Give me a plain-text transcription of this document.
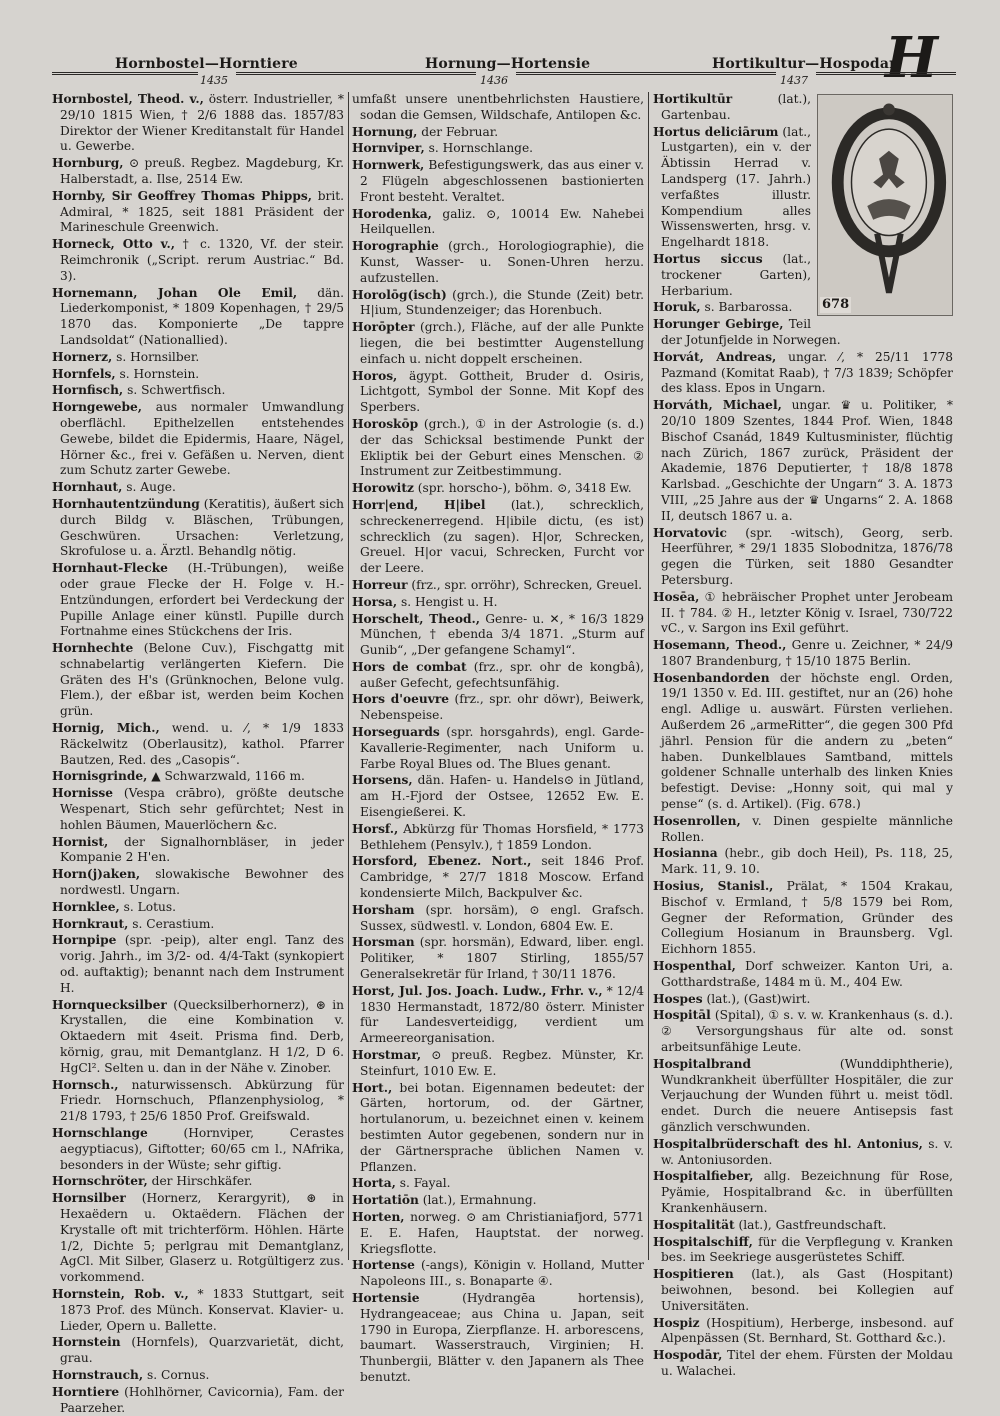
Hornbostel—Horntiere	Hornung—Hortensie	Hortikultur—Hospodar
H
1435	1436	1437
Hornbostel, Theod. v., österr. Industrieller, * 29/10 1815 Wien, † 2/6 1888 das. 1857/83 Direktor der Wiener Kreditanstalt für Handel u. Gewerbe.
Hornburg, ⊙ preuß. Regbez. Magdeburg, Kr. Halberstadt, a. Ilse, 2514 Ew.
Hornby, Sir Geoffrey Thomas Phipps, brit. Admiral, * 1825, seit 1881 Präsident der Marineschule Greenwich.
Horneck, Otto v., † c. 1320, Vf. der steir. Reimchronik („Script. rerum Austriac.“ Bd. 3).
Hornemann, Johan Ole Emil, dän. Liederkomponist, * 1809 Kopenhagen, † 29/5 1870 das. Komponierte „De tappre Landsoldat“ (Nationallied).
Hornerz, s. Hornsilber.
Hornfels, s. Hornstein.
Hornfisch, s. Schwertfisch.
Horngewebe, aus normaler Umwandlung oberflächl. Epithelzellen entstehendes Gewebe, bildet die Epidermis, Haare, Nägel, Hörner &c., frei v. Gefäßen u. Nerven, dient zum Schutz zarter Gewebe.
Hornhaut, s. Auge.
Hornhautentzündung (Keratitis), äußert sich durch Bildg v. Bläschen, Trübungen, Geschwüren. Ursachen: Verletzung, Skrofulose u. a. Ärztl. Behandlg nötig.
Hornhaut-Flecke (H.-Trübungen), weiße oder graue Flecke der H. Folge v. H.-Entzündungen, erfordert bei Verdeckung der Pupille Anlage einer künstl. Pupille durch Fortnahme eines Stückchens der Iris.
Hornhechte (Belone Cuv.), Fischgattg mit schnabelartig verlängerten Kiefern. Die Gräten des H's (Grünknochen, Belone vulg. Flem.), der eßbar ist, werden beim Kochen grün.
Hornig, Mich., wend. u. ⁄, * 1/9 1833 Räckelwitz (Oberlausitz), kathol. Pfarrer Bautzen, Red. des „Casopis“.
Hornisgrinde, ▲ Schwarzwald, 1166 m.
Hornisse (Vespa crābro), größte deutsche Wespenart, Stich sehr gefürchtet; Nest in hohlen Bäumen, Mauerlöchern &c.
Hornist, der Signalhornbläser, in jeder Kompanie 2 H'en.
Horn(j)aken, slowakische Bewohner des nordwestl. Ungarn.
Hornklee, s. Lotus.
Hornkraut, s. Cerastium.
Hornpipe (spr. -peip), alter engl. Tanz des vorig. Jahrh., im 3/2- od. 4/4-Takt (synkopiert od. auftaktig); benannt nach dem Instrument H.
Hornquecksilber (Quecksilberhornerz), ⊛ in Krystallen, die eine Kombination v. Oktaedern mit 4seit. Prisma find. Derb, körnig, grau, mit Demantglanz. H 1/2, D 6. HgCl². Selten u. dan in der Nähe v. Zinober.
Hornsch., naturwissensch. Abkürzung für Friedr. Hornschuch, Pflanzenphysiolog, * 21/8 1793, † 25/6 1850 Prof. Greifswald.
Hornschlange	(Hornviper, Cerastes aegyptiacus), Giftotter; 60/65 cm l., NAfrika, besonders in der Wüste; sehr giftig.
Hornschröter, der Hirschkäfer.
Hornsilber (Hornerz, Kerargyrit), ⊛ in Hexaëdern u. Oktaëdern. Flächen der Krystalle oft mit trichterförm. Höhlen. Härte 1/2, Dichte 5; perlgrau mit Demantglanz, AgCl. Mit Silber, Glaserz u. Rotgültigerz zus. vorkommend.
Hornstein, Rob. v., * 1833 Stuttgart, seit 1873 Prof. des Münch. Konservat. Klavier- u. Lieder, Opern u. Ballette.
Hornstein (Hornfels), Quarzvarietät, dicht, grau.
Hornstrauch, s. Cornus.
Horntiere (Hohlhörner, Cavicornia), Fam. der Paarzeher.
umfaßt unsere unentbehrlichsten Haustiere, sodan die Gemsen, Wildschafe, Antilopen &c.
Hornung, der Februar.
Hornviper, s. Hornschlange.
Hornwerk, Befestigungswerk, das aus einer v. 2 Flügeln abgeschlossenen bastionierten Front besteht. Veraltet.
Horodenka, galiz. ⊙, 10014 Ew. Nahebei Heilquellen.
Horographie (grch., Horologiographie), die Kunst, Wasser- u. Sonen-Uhren herzu. aufzustellen.
Horolōg(isch) (grch.), die Stunde (Zeit) betr. H|ium, Stundenzeiger; das Horenbuch.
Horōpter (grch.), Fläche, auf der alle Punkte liegen, die bei bestimtter Augenstellung einfach u. nicht doppelt erscheinen.
Horos, ägypt. Gottheit, Bruder d. Osiris, Lichtgott, Symbol der Sonne. Mit Kopf des Sperbers.
Horoskōp (grch.), ① in der Astrologie (s. d.) der das Schicksal bestimende Punkt der Ekliptik bei der Geburt eines Menschen. ② Instrument zur Zeitbestimmung.
Horowitz (spr. horscho-), böhm. ⊙, 3418 Ew.
Horr|end, H|ibel (lat.), schrecklich, schreckenerregend. H|ibile dictu, (es ist) schrecklich (zu sagen). H|or, Schrecken, Greuel. H|or vacui, Schrecken, Furcht vor der Leere.
Horreur (frz., spr. orröhr), Schrecken, Greuel.
Horsa, s. Hengist u. H.
Horschelt, Theod., Genre- u. ✕, * 16/3 1829 München, † ebenda 3/4 1871. „Sturm auf Gunib“, „Der gefangene Schamyl“.
Hors de combat (frz., spr. ohr de kongbâ), außer Gefecht, gefechtsunfähig.
Hors d'oeuvre (frz., spr. ohr döwr), Beiwerk, Nebenspeise.
Horseguards (spr. horsgahrds), engl. Garde-Kavallerie-Regimenter, nach Uniform u. Farbe Royal Blues od. The Blues genant.
Horsens, dän. Hafen- u. Handels⊙ in Jütland, am H.-Fjord der Ostsee, 12652 Ew. E. Eisengießerei. K.
Horsf., Abkürzg für Thomas Horsfield, * 1773 Bethlehem (Pensylv.), † 1859 London.
Horsford, Ebenez. Nort., seit 1846 Prof. Cambridge, * 27/7 1818 Moscow. Erfand kondensierte Milch, Backpulver &c.
Horsham (spr. horsäm), ⊙ engl. Grafsch. Sussex, südwestl. v. London, 6804 Ew. E.
Horsman (spr. horsmän), Edward, liber. engl. Politiker, * 1807 Stirling, 1855/57 Generalsekretär für Irland, † 30/11 1876.
Horst, Jul. Jos. Joach. Ludw., Frhr. v., * 12/4 1830 Hermanstadt, 1872/80 österr. Minister für Landesverteidigg, verdient um Armeereorganisation.
Horstmar, ⊙ preuß. Regbez. Münster, Kr. Steinfurt, 1010 Ew. E.
Hort., bei botan. Eigennamen bedeutet: der Gärten, hortorum, od. der Gärtner, hortulanorum, u. bezeichnet einen v. keinem bestimten Autor gegebenen, sondern nur in der Gärtnersprache üblichen Namen v. Pflanzen.
Horta, s. Fayal.
Hortatiōn (lat.), Ermahnung.
Horten, norweg. ⊙ am Christianiafjord, 5771 E. E. Hafen, Hauptstat. der norweg. Kriegsflotte.
Hortense (-angs), Königin v. Holland, Mutter Napoleons III., s. Bonaparte ④.
Hortensie	(Hydrangēa hortensis), Hydrangeaceae; aus China u. Japan, seit 1790 in Europa, Zierpflanze. H. arborescens, baumart. Wasserstrauch, Virginien; H. Thunbergii, Blätter v. den Japanern als Thee benutzt.
678
Hortikultūr	(lat.), Gartenbau.
Hortus deliciārum (lat., Lustgarten), ein v. der Äbtissin Herrad v. Landsperg (17. Jahrh.) verfaßtes illustr. Kompendium alles Wissenswerten, hrsg. v. Engelhardt 1818.
Hortus siccus (lat., trockener Garten), Herbarium.
Horuk, s. Barbarossa.
Horunger Gebirge, Teil der Jotunfjelde in Norwegen.
Horvát, Andreas, ungar. ⁄, * 25/11 1778 Pazmand (Komitat Raab), † 7/3 1839; Schöpfer des klass. Epos in Ungarn.
Horváth, Michael, ungar. ♛ u. Politiker, * 20/10 1809 Szentes, 1844 Prof. Wien, 1848 Bischof Csanád, 1849 Kultusminister, flüchtig nach Zürich, 1867 zurück, Präsident der Akademie, 1876 Deputierter, † 18/8 1878 Karlsbad. „Geschichte der Ungarn“ 3. A. 1873 VIII, „25 Jahre aus der ♛ Ungarns“ 2. A. 1868 II, deutsch 1867 u. a.
Horvatovic (spr. -witsch), Georg, serb. Heerführer, * 29/1 1835 Slobodnitza, 1876/78 gegen die Türken, seit 1880 Gesandter Petersburg.
Hosēa, ① hebräischer Prophet unter Jerobeam II. † 784. ② H., letzter König v. Israel, 730/722 vC., v. Sargon ins Exil geführt.
Hosemann, Theod., Genre u. Zeichner, * 24/9 1807 Brandenburg, † 15/10 1875 Berlin.
Hosenbandorden der höchste engl. Orden, 19/1 1350 v. Ed. III. gestiftet, nur an (26) hohe engl. Adlige u. auswärt. Fürsten verliehen. Außerdem 26 „armeRitter“, die gegen 300 Pfd jährl. Pension für die andern zu „beten“ haben. Dunkelblaues Samtband, mittels goldener Schnalle unterhalb des linken Knies befestigt. Devise: „Honny soit, qui mal y pense“ (s. d. Artikel). (Fig. 678.)
Hosenrollen, v. Dinen gespielte männliche Rollen.
Hosianna (hebr., gib doch Heil), Ps. 118, 25, Mark. 11, 9. 10.
Hosius, Stanisl., Prälat, * 1504 Krakau, Bischof v. Ermland, † 5/8 1579 bei Rom, Gegner der Reformation, Gründer des Collegium Hosianum in Braunsberg. Vgl. Eichhorn 1855.
Hospenthal, Dorf schweizer. Kanton Uri, a. Gotthardstraße, 1484 m ü. M., 404 Ew.
Hospes (lat.), (Gast)wirt.
Hospitāl (Spital), ① s. v. w. Krankenhaus (s. d.). ② Versorgungshaus für alte od. sonst arbeitsunfähige Leute.
Hospitalbrand	(Wunddiphtherie), Wundkrankheit überfüllter Hospitäler, die zur Verjauchung der Wunden führt u. meist tödl. endet. Durch die neuere Antisepsis fast gänzlich verschwunden.
Hospitalbrüderschaft des hl. Antonius, s. v. w. Antoniusorden.
Hospitalfieber, allg. Bezeichnung für Rose, Pyämie, Hospitalbrand &c. in überfüllten Krankenhäusern.
Hospitalität (lat.), Gastfreundschaft.
Hospitalschiff, für die Verpflegung v. Kranken bes. im Seekriege ausgerüstetes Schiff.
Hospitieren (lat.), als Gast (Hospitant) beiwohnen, besond. bei Kollegien auf Universitäten.
Hospiz (Hospitium), Herberge, insbesond. auf Alpenpässen (St. Bernhard, St. Gotthard &c.).
Hospodār, Titel der ehem. Fürsten der Moldau u. Walachei.
